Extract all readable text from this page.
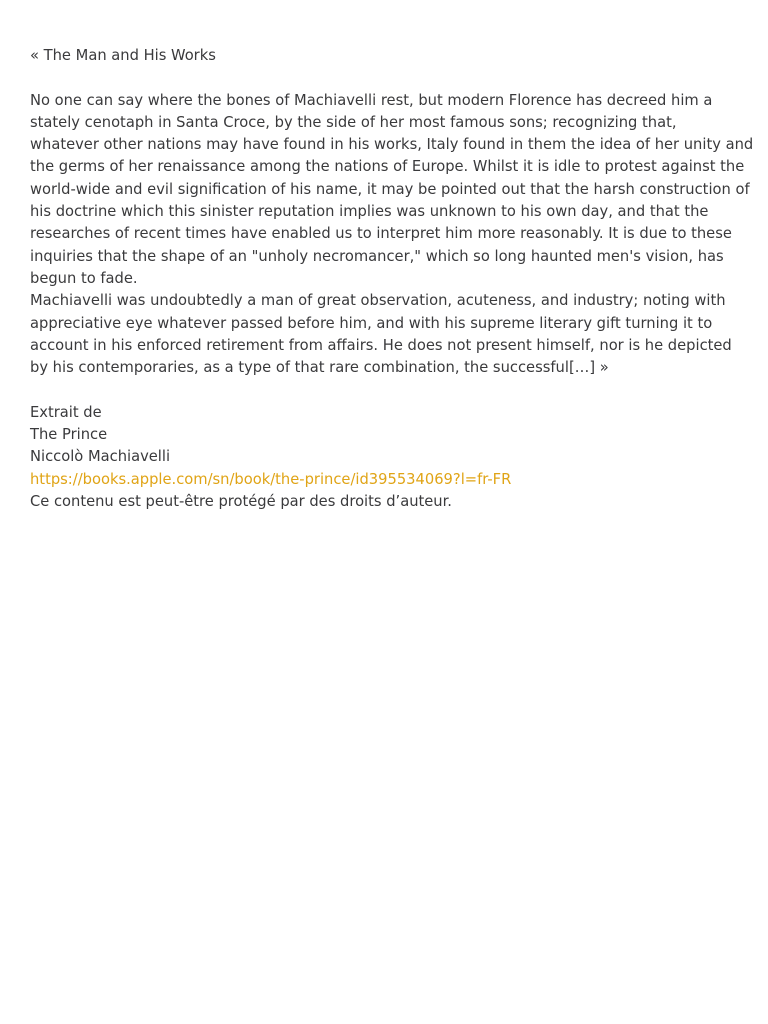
« The Man and His Works
No one can say where the bones of Machiavelli rest, but modern Florence has decreed him a
stately cenotaph in Santa Croce, by the side of her most famous sons; recognizing that,
whatever other nations may have found in his works, Italy found in them the idea of her unity and
the germs of her renaissance among the nations of Europe. Whilst it is idle to protest against the
world-wide and evil signification of his name, it may be pointed out that the harsh construction of
his doctrine which this sinister reputation implies was unknown to his own day, and that the
researches of recent times have enabled us to interpret him more reasonably. It is due to these
inquiries that the shape of an "unholy necromancer," which so long haunted men's vision, has
begun to fade.
Machiavelli was undoubtedly a man of great observation, acuteness, and industry; noting with
appreciative eye whatever passed before him, and with his supreme literary gift turning it to
account in his enforced retirement from affairs. He does not present himself, nor is he depicted
by his contemporaries, as a type of that rare combination, the successful[…] »
Extrait de
The Prince
Niccolò Machiavelli
https://books.apple.com/sn/book/the-prince/id395534069?l=fr-FR
Ce contenu est peut-être protégé par des droits d’auteur.
